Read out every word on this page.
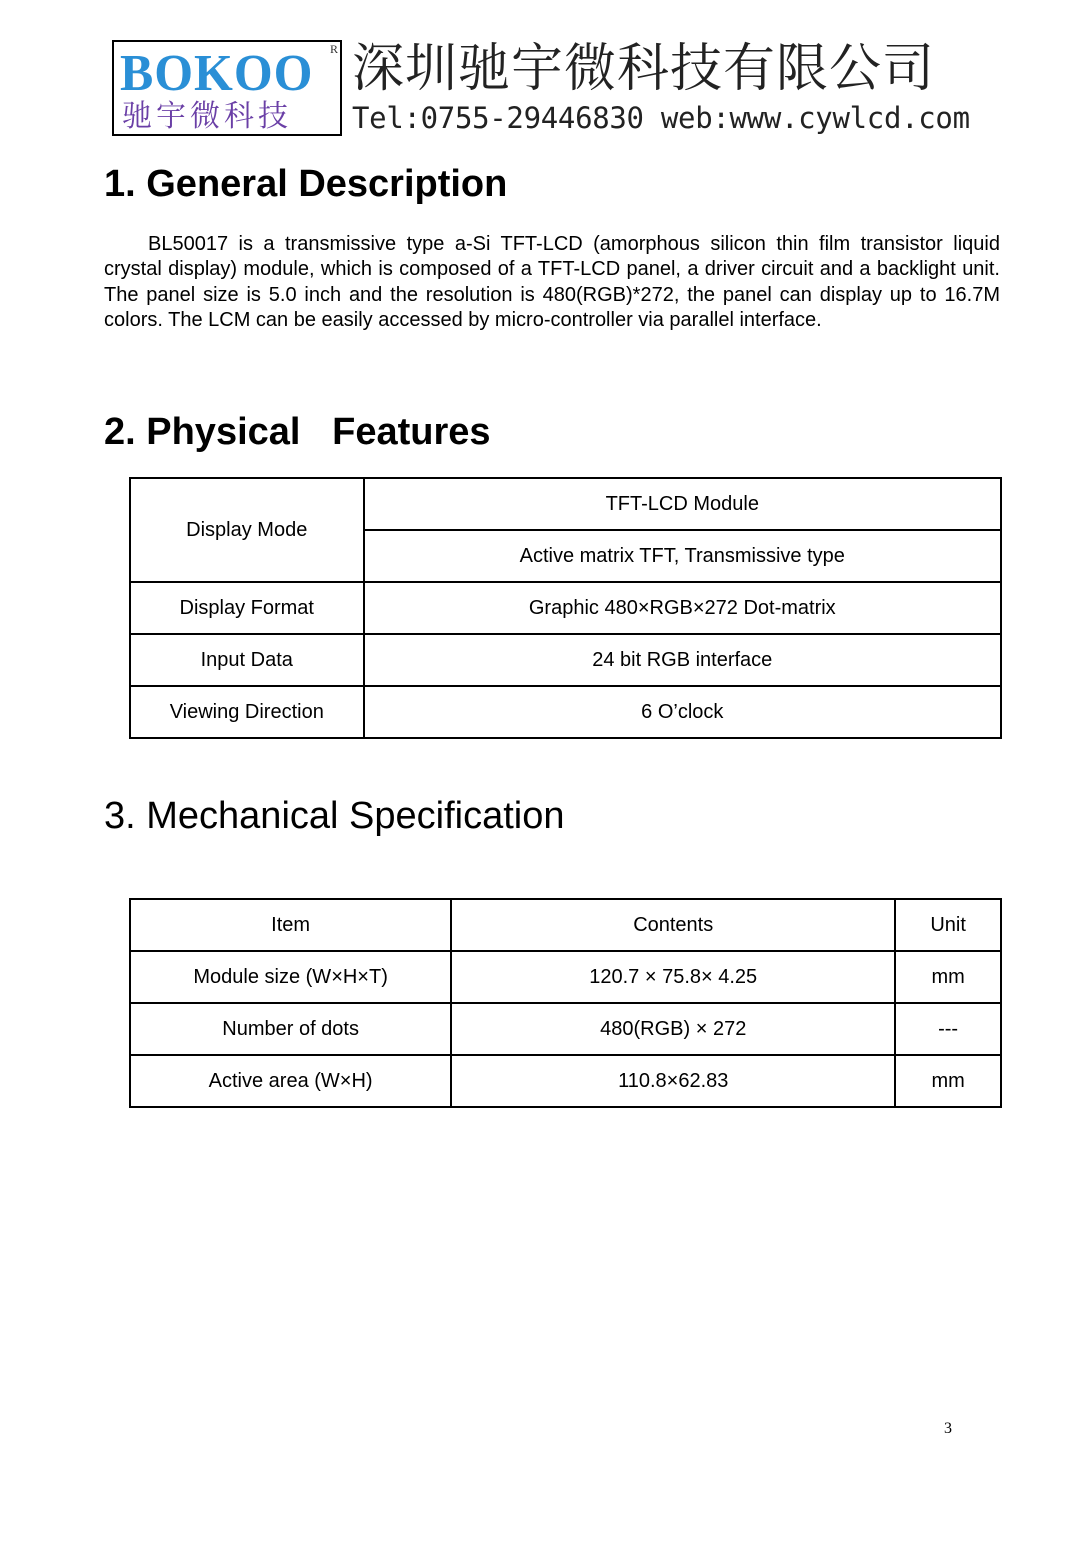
BOKOO
驰宇微科技
R 深圳驰宇微科技有限公司
Tel:0755-29446830 web:www.cywlcd.com
1. General Description

BL50017 is a transmissive type a-Si TFT-LCD (amorphous silicon thin film transistor liquid crystal display) module, which is composed of a TFT-LCD panel, a driver circuit and a backlight unit. The panel size is 5.0 inch and the resolution is 480(RGB)*272, the panel can display up to 16.7M colors. The LCM can be easily accessed by micro-controller via parallel interface.

2. Physical   Features
Display Mode	TFT-LCD Module
	Active matrix TFT, Transmissive type
Display Format	Graphic 480×RGB×272 Dot-matrix
Input Data	24 bit RGB interface
Viewing Direction	6 O’clock
3. Mechanical Specification
Item	Contents	Unit
Module size (W×H×T)	120.7 × 75.8× 4.25	mm
Number of dots	480(RGB) × 272	---
Active area (W×H)	110.8×62.83	mm
3
